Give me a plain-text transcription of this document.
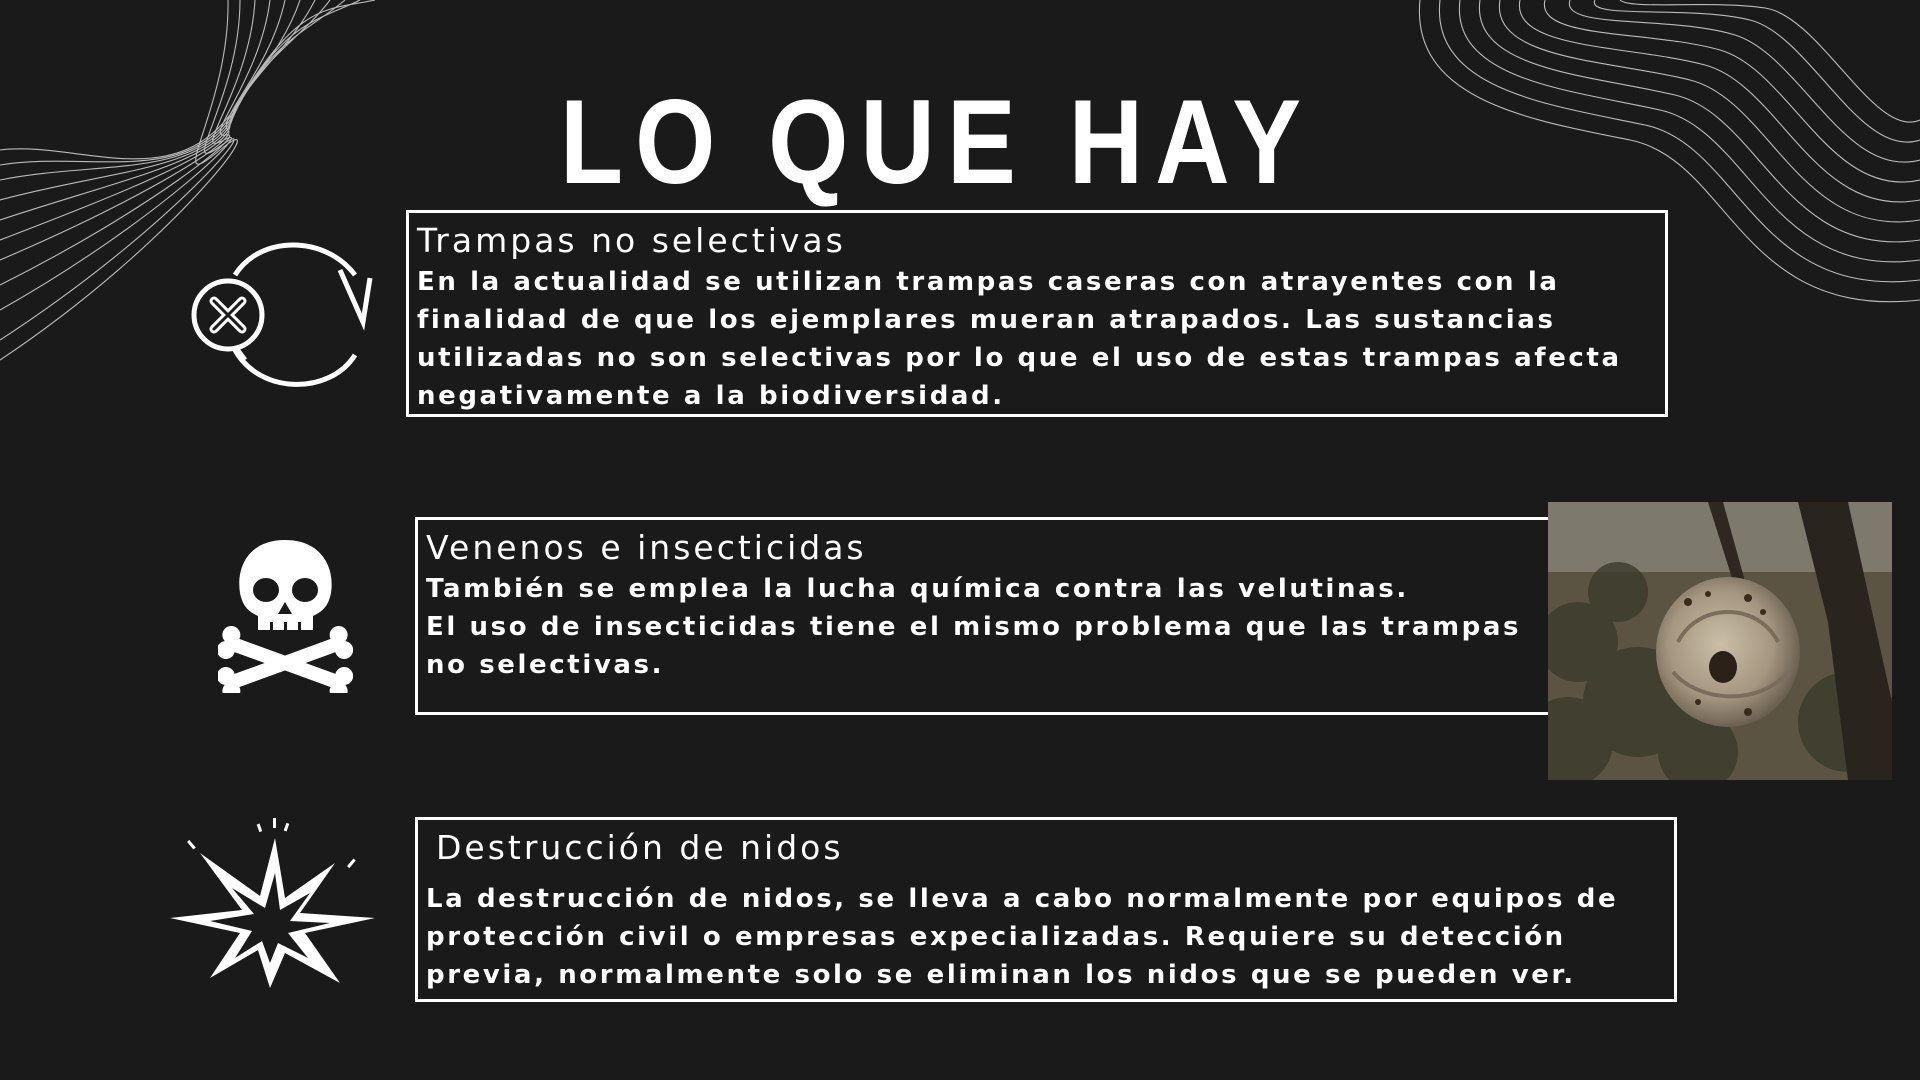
LO QUE HAY
Trampas no selectivas

En la actualidad se utilizan trampas caseras con atrayentes con la finalidad de que los ejemplares mueran atrapados. Las sustancias utilizadas no son selectivas por lo que el uso de estas trampas afecta negativamente a la biodiversidad.

Venenos e insecticidas

También se emplea la lucha química contra las velutinas.

El uso de insecticidas tiene el mismo problema que las trampas no selectivas.

Destrucción de nidos

La destrucción de nidos, se lleva a cabo normalmente por equipos de protección civil o empresas expecializadas. Requiere su detección previa, normalmente solo se eliminan los nidos que se pueden ver.
